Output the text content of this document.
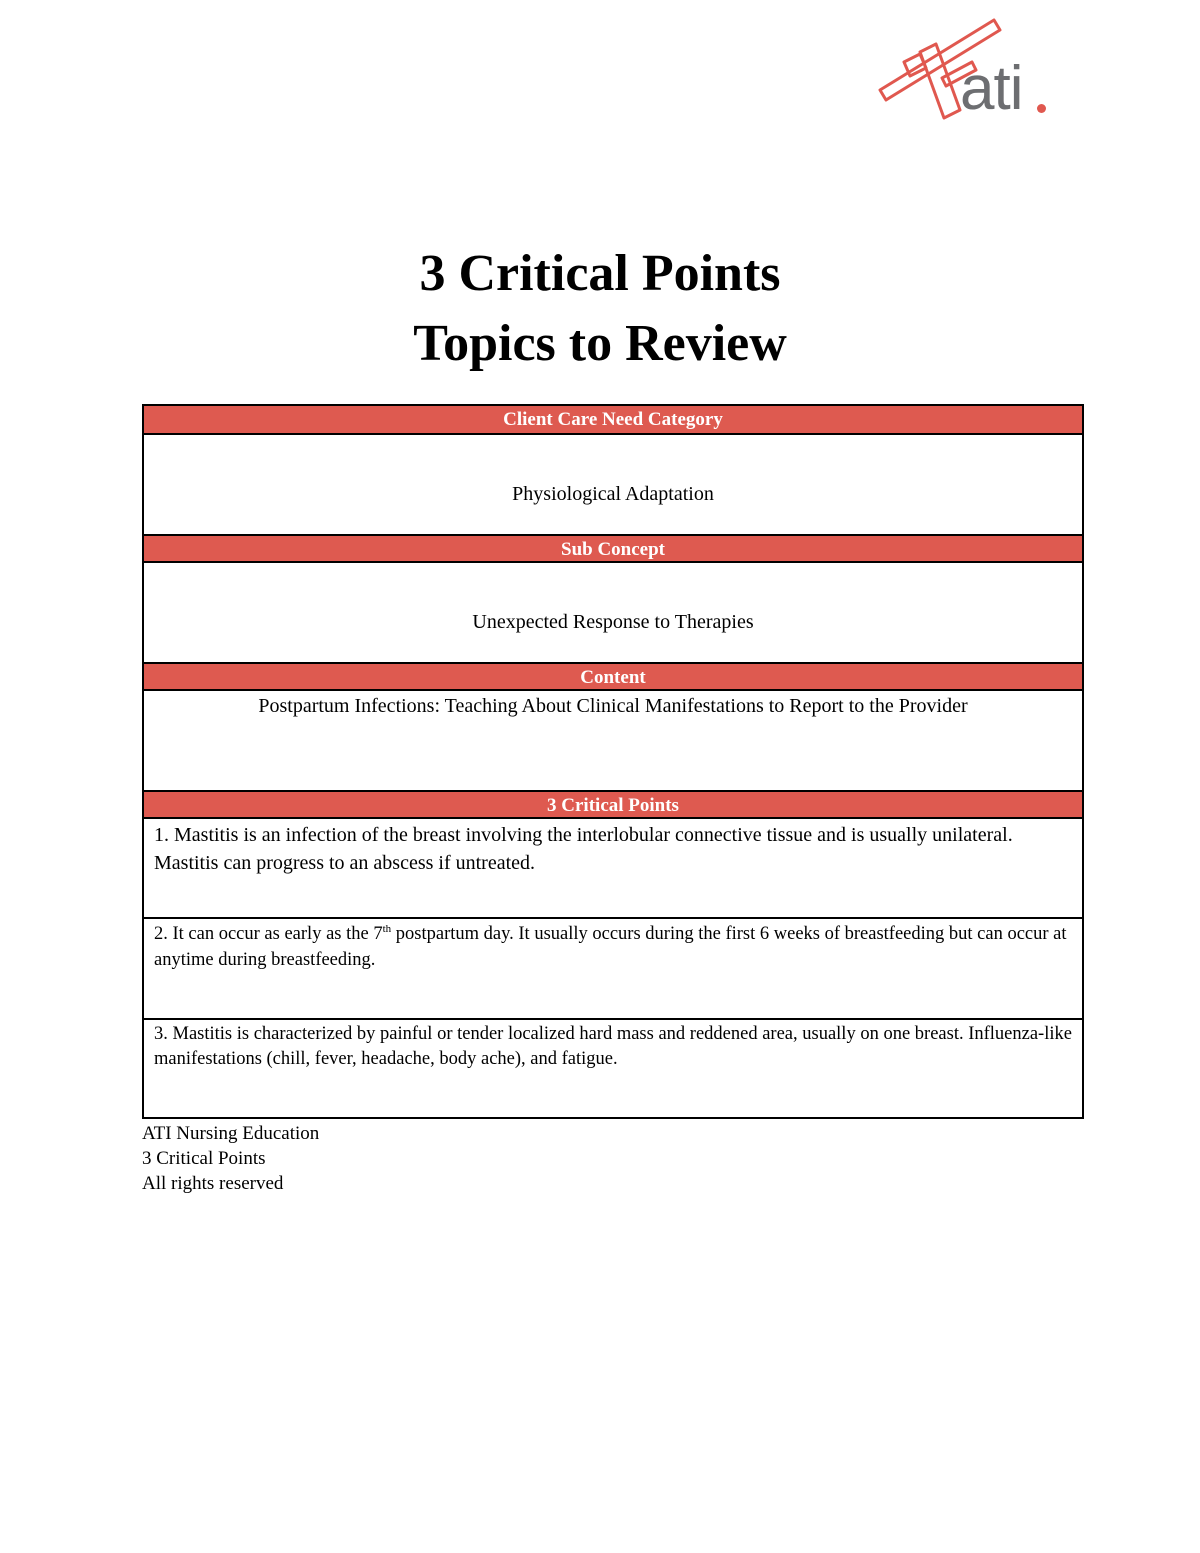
ati
3 Critical Points
Topics to Review
Client Care Need Category
Physiological Adaptation
Sub Concept
Unexpected Response to Therapies
Content
Postpartum Infections: Teaching About Clinical Manifestations to Report to the Provider
3 Critical Points
1. Mastitis is an infection of the breast involving the interlobular connective tissue and is usually unilateral. Mastitis can progress to an abscess if untreated.
2. It can occur as early as the 7th postpartum day. It usually occurs during the first 6 weeks of breastfeeding but can occur at anytime during breastfeeding.
3. Mastitis is characterized by painful or tender localized hard mass and reddened area, usually on one breast. Influenza-like manifestations (chill, fever, headache, body ache), and fatigue.
ATI Nursing Education
3 Critical Points
All rights reserved
